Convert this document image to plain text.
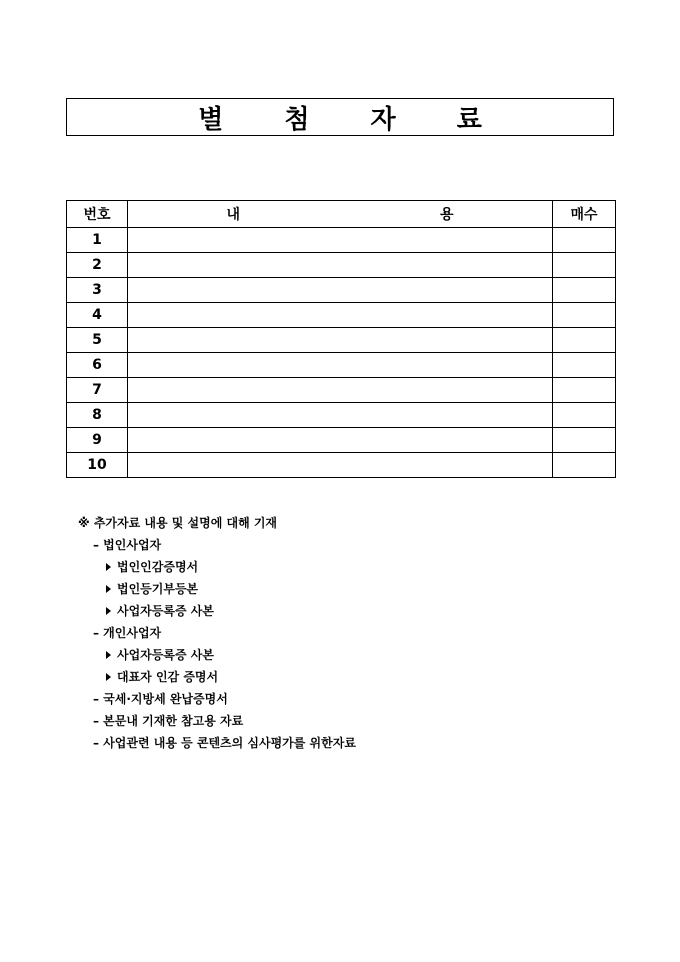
별 첨 자 료
번호	내 용	매수
1		
2		
3		
4		
5		
6		
7		
8		
9		
10		
※ 추가자료 내용 및 설명에 대해 기재
– 법인사업자
법인인감증명서
법인등기부등본
사업자등록증 사본
– 개인사업자
사업자등록증 사본
대표자 인감 증명서
– 국세·지방세 완납증명서
– 본문내 기재한 참고용 자료
– 사업관련 내용 등 콘텐츠의 심사평가를 위한자료
